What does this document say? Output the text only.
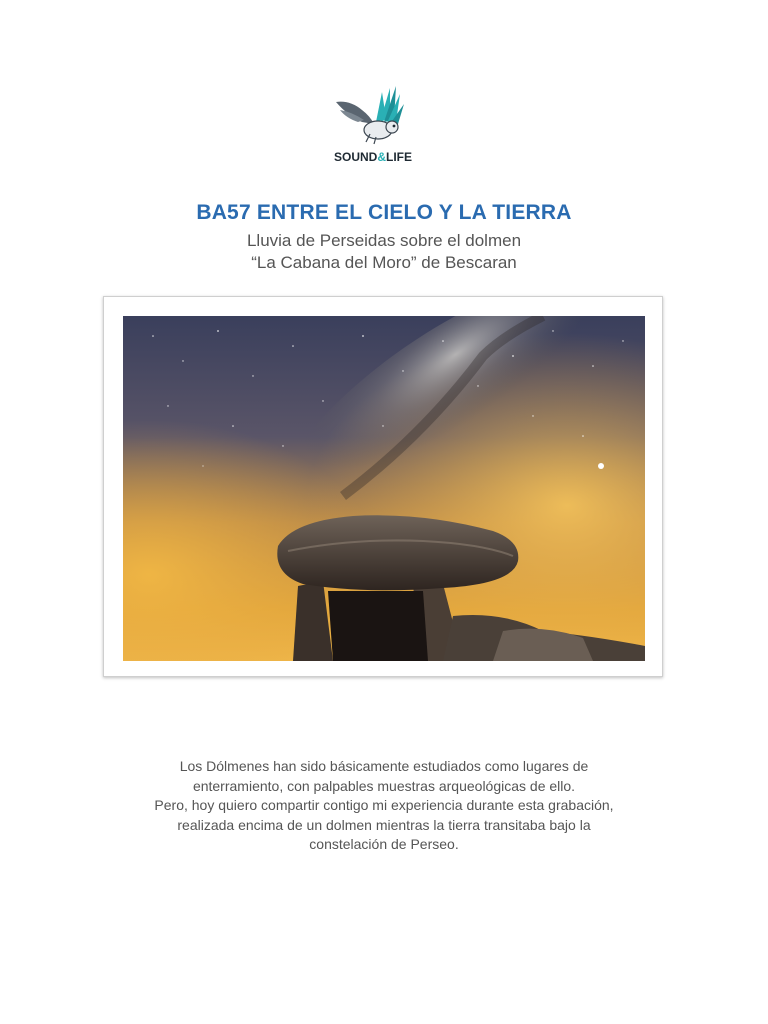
SOUND&LIFE
BA57 ENTRE EL CIELO Y LA TIERRA

Lluvia de Perseidas sobre el dolmen

“La Cabana del Moro” de Bescaran

Los Dólmenes han sido básicamente estudiados como lugares de

enterramiento, con palpables muestras arqueológicas de ello.

Pero, hoy quiero compartir contigo mi experiencia durante esta grabación,

realizada encima de un dolmen mientras la tierra transitaba bajo la

constelación de Perseo.
